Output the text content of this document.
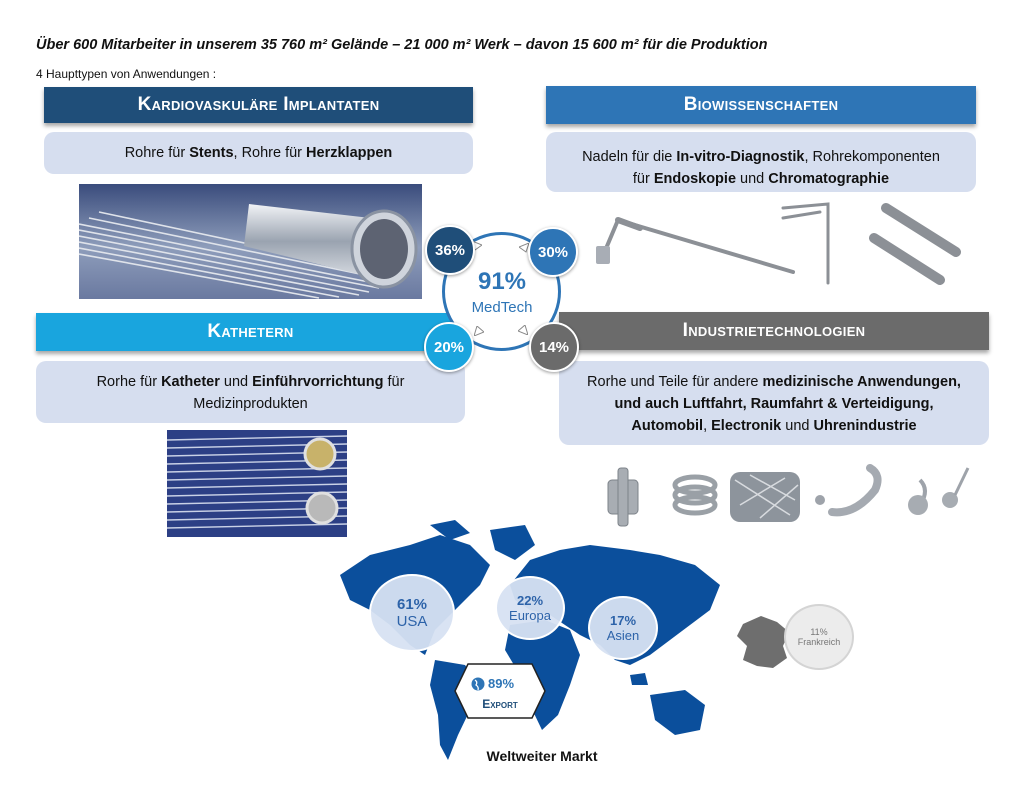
Über 600 Mitarbeiter in unserem 35 760 m² Gelände – 21 000 m² Werk – davon 15 600 m² für die Produktion
4 Haupttypen von Anwendungen :
Kardiovaskuläre Implantaten
Rohre für Stents, Rohre für Herzklappen
Biowissenschaften
Nadeln für die In-vitro-Diagnostik, Rohrekomponenten
für Endoskopie und Chromatographie
Kathetern
Rorhe für Katheter und Einführvorrichtung für
Medizinprodukten
Industrietechnologien
Rorhe und Teile für andere medizinische Anwendungen,
und auch Luftfahrt, Raumfahrt & Verteidigung,
Automobil, Electronik und Uhrenindustrie
91%
MedTech
36%	30%
20%	14%
61%
USA
22%
Europa	17%
Asien
89%
Export
11%
Frankreich
Weltweiter Markt
